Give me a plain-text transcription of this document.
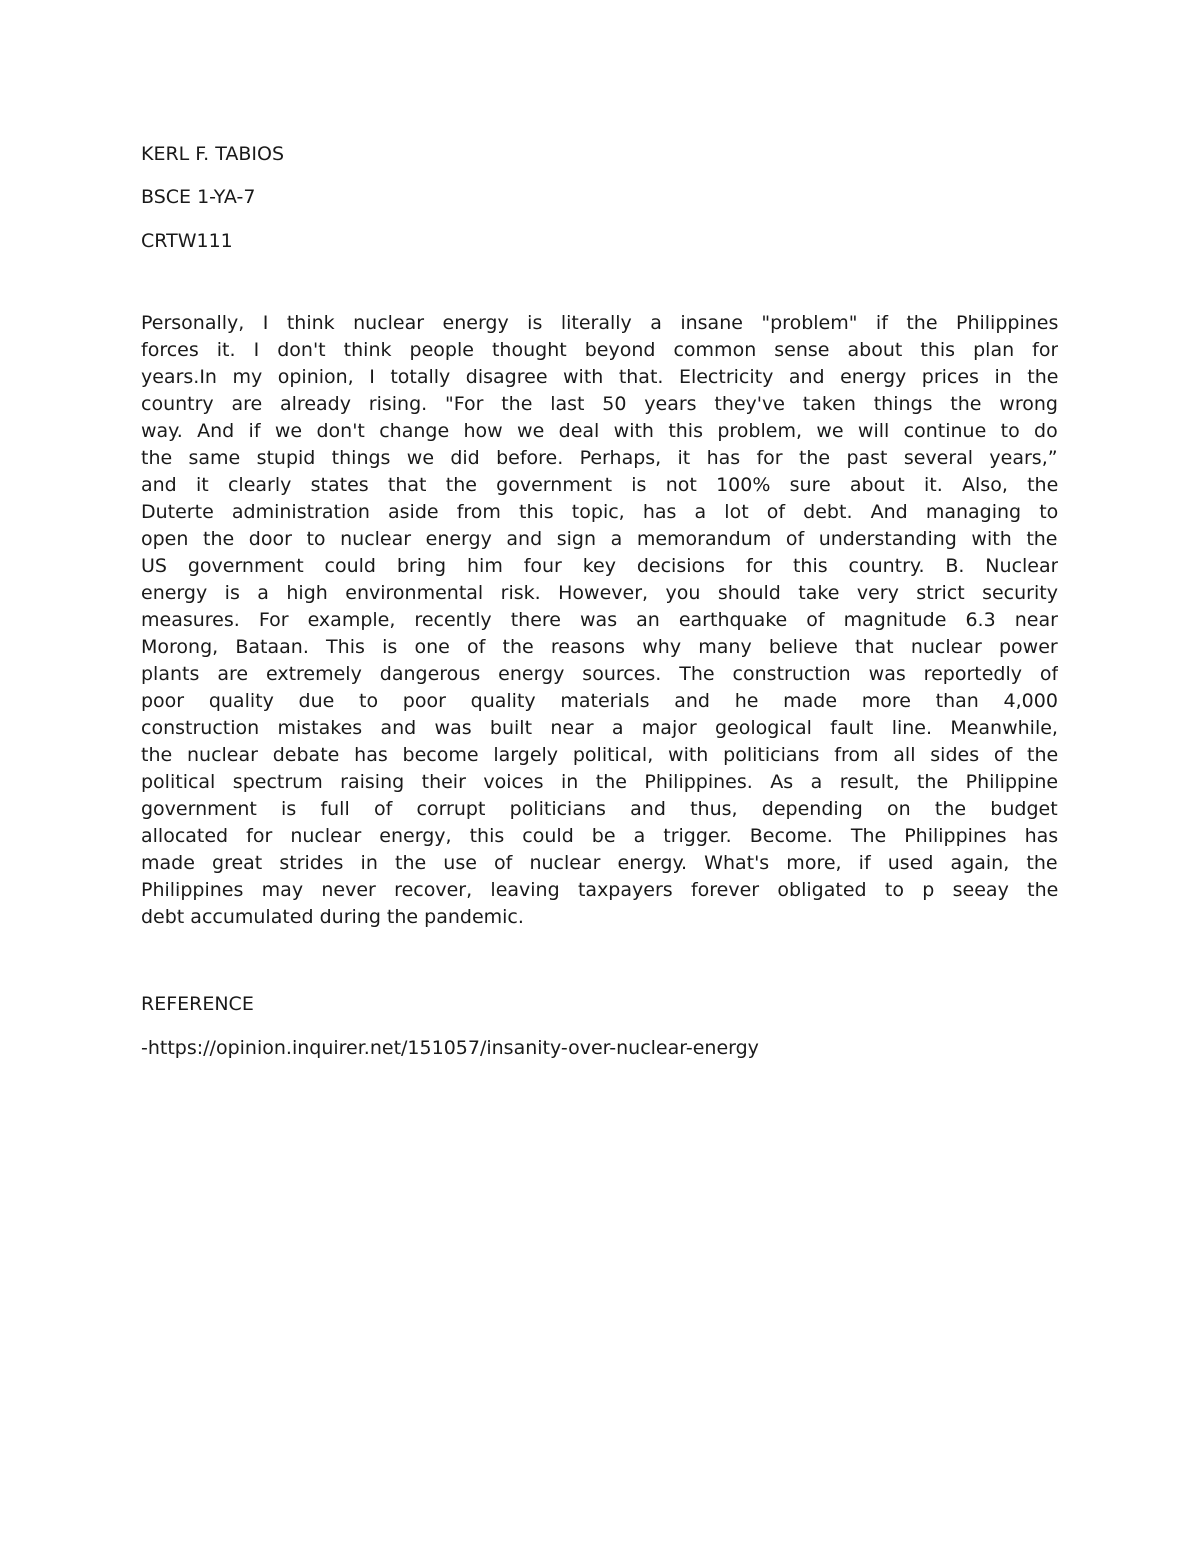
KERL F. TABIOS
BSCE 1-YA-7
CRTW111
Personally, I think nuclear energy is literally a insane "problem" if the Philippines
forces it. I don't think people thought beyond common sense about this plan for
years.In my opinion, I totally disagree with that. Electricity and energy prices in the
country are already rising. "For the last 50 years they've taken things the wrong
way. And if we don't change how we deal with this problem, we will continue to do
the same stupid things we did before. Perhaps, it has for the past several years,”
and it clearly states that the government is not 100% sure about it. Also, the
Duterte administration aside from this topic, has a lot of debt. And managing to
open the door to nuclear energy and sign a memorandum of understanding with the
US government could bring him four key decisions for this country. B. Nuclear
energy is a high environmental risk. However, you should take very strict security
measures. For example, recently there was an earthquake of magnitude 6.3 near
Morong, Bataan. This is one of the reasons why many believe that nuclear power
plants are extremely dangerous energy sources. The construction was reportedly of
poor quality due to poor quality materials and he made more than 4,000
construction mistakes and was built near a major geological fault line. Meanwhile,
the nuclear debate has become largely political, with politicians from all sides of the
political spectrum raising their voices in the Philippines. As a result, the Philippine
government is full of corrupt politicians and thus, depending on the budget
allocated for nuclear energy, this could be a trigger. Become. The Philippines has
made great strides in the use of nuclear energy. What's more, if used again, the
Philippines may never recover, leaving taxpayers forever obligated to p seeay the
debt accumulated during the pandemic.
REFERENCE
-https://opinion.inquirer.net/151057/insanity-over-nuclear-energy
